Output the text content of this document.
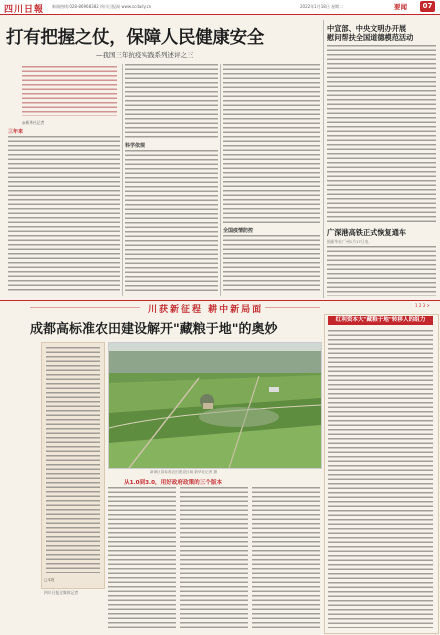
四川日報 新闻热线:028-86968382 四川日报网 www.scdaily.cn	2022年1月18日 星期二	要闻	07
打有把握之仗，保障人民健康安全
—我国三年抗疫实践系列述评之三
◎新华社记者
三年来
科学依规
全国疫情防控
中宣部、中央文明办开展
慰问帮扶全国道德模范活动
广深港高铁正式恢复通车
据新华社广州1月17日电
川获新征程 耕中新局面	1 2 3 >
成都高标准农田建设解开"藏粮于地"的奥妙
□本报
四川日报全媒体记者
新津区高标准农田建设区域 新华社记者 摄
从1.0到3.0，用好政府政策的三个版本
红利资本大"藏粮于地"转移人的组力
